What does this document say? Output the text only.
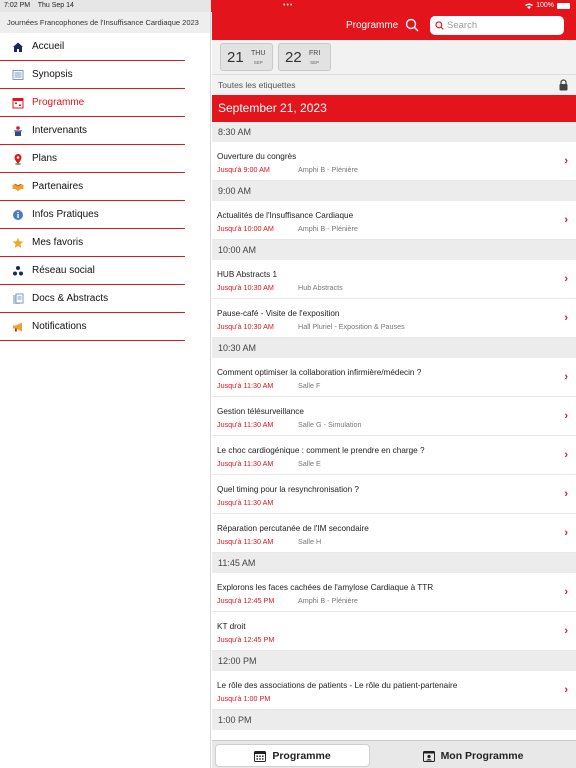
7:02 PM Thu Sep 14	•••	100%
Journées Francophones de l'Insuffisance Cardiaque 2023
Accueil
Synopsis
Programme
Intervenants
Plans
Partenaires
Infos Pratiques
Mes favoris
Réseau social
Docs & Abstracts
Notifications
Programme	Search
21	THU
SEP 22	FRI
SEP
Toutes les etiquettes
September 21, 2023
8:30 AM
Ouverture du congrès
Jusqu'à 9:00 AM	Amphi B - Plénière
›
9:00 AM
Actualités de l'Insuffisance Cardiaque
Jusqu'à 10:00 AM	Amphi B - Plénière
›
10:00 AM
HUB Abstracts 1
Jusqu'à 10:30 AM	Hub Abstracts
›
Pause-café - Visite de l'exposition
Jusqu'à 10:30 AM	Hall Pluriel - Exposition & Pauses
›
10:30 AM
Comment optimiser la collaboration infirmière/médecin ?
Jusqu'à 11:30 AM	Salle F
›
Gestion télésurveillance
Jusqu'à 11:30 AM	Salle G - Simulation
›
Le choc cardiogénique : comment le prendre en charge ?
Jusqu'à 11:30 AM	Salle E
›
Quel timing pour la resynchronisation ?
Jusqu'à 11:30 AM
›
Réparation percutanée de l'IM secondaire
Jusqu'à 11:30 AM	Salle H
›
11:45 AM
Explorons les faces cachées de l'amylose Cardiaque à TTR
Jusqu'à 12:45 PM	Amphi B - Plénière
›
KT droit
Jusqu'à 12:45 PM
›
12:00 PM
Le rôle des associations de patients - Le rôle du patient-partenaire
Jusqu'à 1:00 PM
›
1:00 PM
Programme	Mon Programme
